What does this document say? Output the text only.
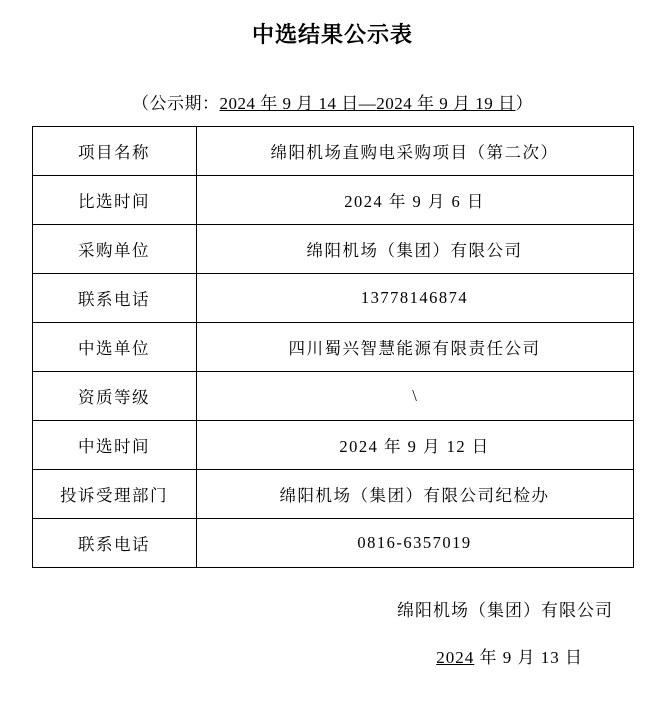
中选结果公示表
（公示期：2024 年 9 月 14 日—2024 年 9 月 19 日）
项目名称	绵阳机场直购电采购项目（第二次）
比选时间	2024 年 9 月 6 日
采购单位	绵阳机场（集团）有限公司
联系电话	13778146874
中选单位	四川蜀兴智慧能源有限责任公司
资质等级	\
中选时间	2024 年 9 月 12 日
投诉受理部门	绵阳机场（集团）有限公司纪检办
联系电话	0816-6357019
绵阳机场（集团）有限公司
2024 年 9 月 13 日
